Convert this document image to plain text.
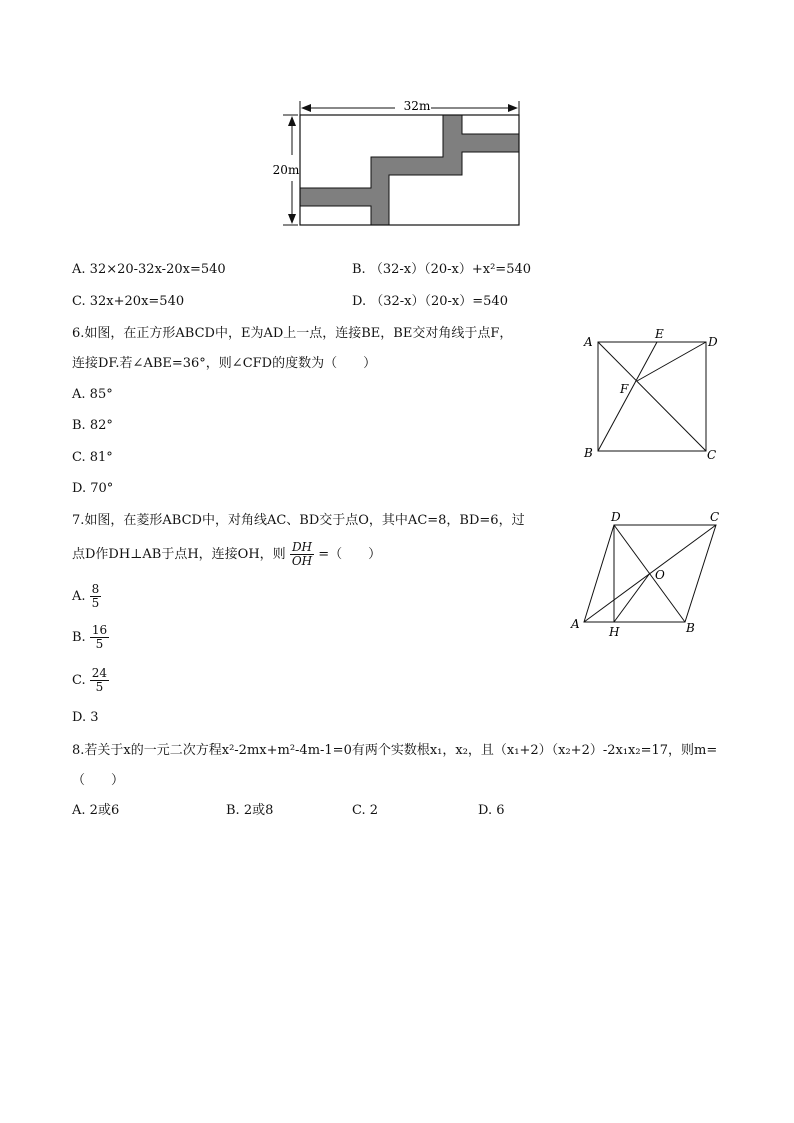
32m
20m
A. 32×20-32x-20x=540	B. （32-x）（20-x）+x²=540
C. 32x+20x=540	D. （32-x）（20-x）=540
6.如图，在正方形ABCD中，E为AD上一点，连接BE，BE交对角线于点F，
连接DF.若∠ABE=36°，则∠CFD的度数为（　　）
A. 85°
B. 82°
C. 81°
D. 70°
A
E
D
F
B	C
7.如图，在菱形ABCD中，对角线AC、BD交于点O，其中AC=8，BD=6，过
点D作DH⊥AB于点H，连接OH，则 $\frac{DH}{OH}$ =（　　）
A. $\frac{8}{5}$
B. $\frac{16}{5}$
C. $\frac{24}{5}$
D. 3
D	C
O
A
H	B
8.若关于x的一元二次方程x²-2mx+m²-4m-1=0有两个实数根x₁，x₂，且（x₁+2）（x₂+2）-2x₁x₂=17，则m=
（　　）
A. 2或6	B. 2或8	C. 2	D. 6
